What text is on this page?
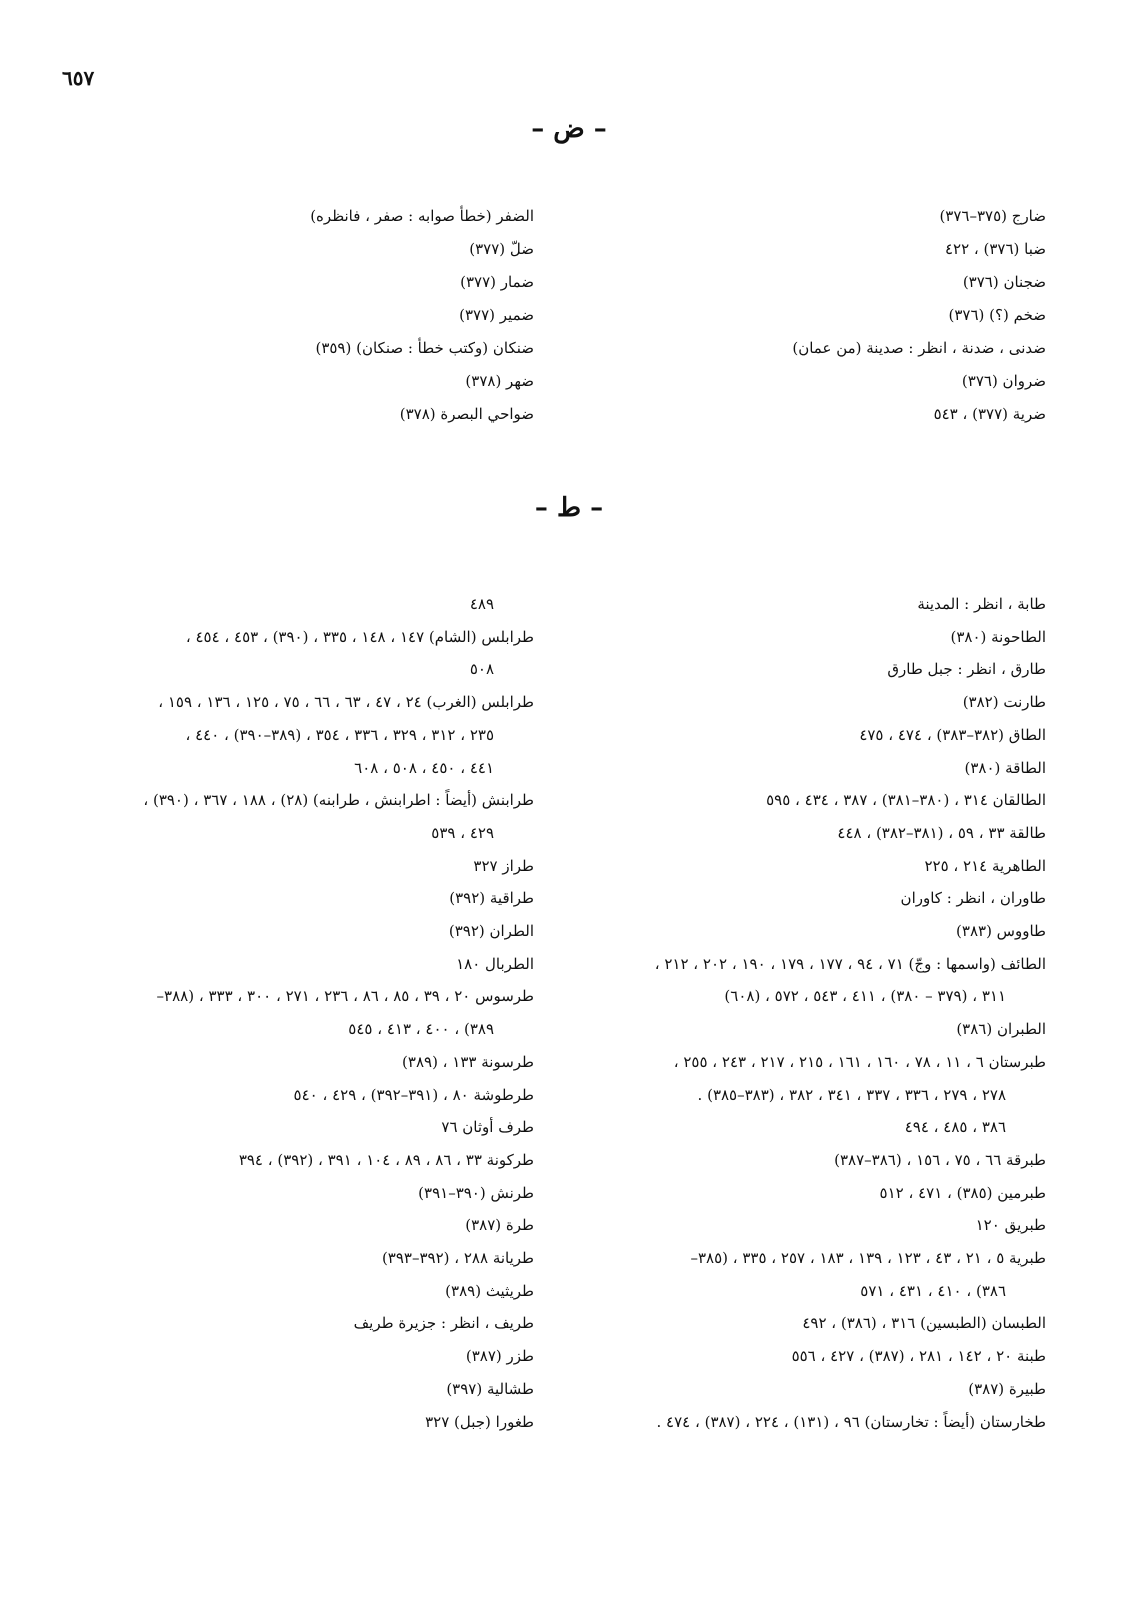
٦٥٧
– ض –
ضارج (٣٧٥–٣٧٦)
ضبا (٣٧٦) ، ٤٢٢
ضجنان (٣٧٦)
ضخم (؟) (٣٧٦)
ضدنى ، ضدنة ، انظر : صدينة (من عمان)
ضروان (٣٧٦)
ضرية (٣٧٧) ، ٥٤٣
الضفر (خطأ صوابه : صفر ، فانظره)
ضلّ (٣٧٧)
ضمار (٣٧٧)
ضمير (٣٧٧)
ضنكان (وكتب خطأ : صنكان) (٣٥٩)
ضهر (٣٧٨)
ضواحي البصرة (٣٧٨)
– ط –
طابة ، انظر : المدينة
الطاحونة (٣٨٠)
طارق ، انظر : جبل طارق
طارنت (٣٨٢)
الطاق (٣٨٢–٣٨٣) ، ٤٧٤ ، ٤٧٥
الطاقة (٣٨٠)
الطالقان ٣١٤ ، (٣٨٠–٣٨١) ، ٣٨٧ ، ٤٣٤ ، ٥٩٥
طالقة ٣٣ ، ٥٩ ، (٣٨١–٣٨٢) ، ٤٤٨
الطاهرية ٢١٤ ، ٢٢٥
طاوران ، انظر : كاوران
طاووس (٣٨٣)
الطائف (واسمها : وجّ) ٧١ ، ٩٤ ، ١٧٧ ، ١٧٩ ، ١٩٠ ، ٢٠٢ ، ٢١٢ ،
٣١١ ، (٣٧٩ – ٣٨٠) ، ٤١١ ، ٥٤٣ ، ٥٧٢ ، (٦٠٨)
الطبران (٣٨٦)
طبرستان ٦ ، ١١ ، ٧٨ ، ١٦٠ ، ١٦١ ، ٢١٥ ، ٢١٧ ، ٢٤٣ ، ٢٥٥ ،
٢٧٨ ، ٢٧٩ ، ٣٣٦ ، ٣٣٧ ، ٣٤١ ، ٣٨٢ ، (٣٨٣–٣٨٥) .
٣٨٦ ، ٤٨٥ ، ٤٩٤
طبرقة ٦٦ ، ٧٥ ، ١٥٦ ، (٣٨٦–٣٨٧)
طبرمين (٣٨٥) ، ٤٧١ ، ٥١٢
طبريق ١٢٠
طبرية ٥ ، ٢١ ، ٤٣ ، ١٢٣ ، ١٣٩ ، ١٨٣ ، ٢٥٧ ، ٣٣٥ ، (٣٨٥–
٣٨٦) ، ٤١٠ ، ٤٣١ ، ٥٧١
الطبسان (الطبسين) ٣١٦ ، (٣٨٦) ، ٤٩٢
طبنة ٢٠ ، ١٤٢ ، ٢٨١ ، (٣٨٧) ، ٤٢٧ ، ٥٥٦
طبيرة (٣٨٧)
طخارستان (أيضاً : تخارستان) ٩٦ ، (١٣١) ، ٢٢٤ ، (٣٨٧) ، ٤٧٤ .
٤٨٩
طرابلس (الشام) ١٤٧ ، ١٤٨ ، ٣٣٥ ، (٣٩٠) ، ٤٥٣ ، ٤٥٤ ،
٥٠٨
طرابلس (الغرب) ٢٤ ، ٤٧ ، ٦٣ ، ٦٦ ، ٧٥ ، ١٢٥ ، ١٣٦ ، ١٥٩ ،
٢٣٥ ، ٣١٢ ، ٣٢٩ ، ٣٣٦ ، ٣٥٤ ، (٣٨٩–٣٩٠) ، ٤٤٠ ،
٤٤١ ، ٤٥٠ ، ٥٠٨ ، ٦٠٨
طرابنش (أيضاً : اطرابنش ، طرابنه) (٢٨) ، ١٨٨ ، ٣٦٧ ، (٣٩٠) ،
٤٢٩ ، ٥٣٩
طراز ٣٢٧
طراقية (٣٩٢)
الطران (٣٩٢)
الطربال ١٨٠
طرسوس ٢٠ ، ٣٩ ، ٨٥ ، ٨٦ ، ٢٣٦ ، ٢٧١ ، ٣٠٠ ، ٣٣٣ ، (٣٨٨–
٣٨٩) ، ٤٠٠ ، ٤١٣ ، ٥٤٥
طرسونة ١٣٣ ، (٣٨٩)
طرطوشة ٨٠ ، (٣٩١–٣٩٢) ، ٤٢٩ ، ٥٤٠
طرف أوثان ٧٦
طركونة ٣٣ ، ٨٦ ، ٨٩ ، ١٠٤ ، ٣٩١ ، (٣٩٢) ، ٣٩٤
طرنش (٣٩٠–٣٩١)
طرة (٣٨٧)
طريانة ٢٨٨ ، (٣٩٢–٣٩٣)
طريثيث (٣٨٩)
طريف ، انظر : جزيرة طريف
طزر (٣٨٧)
طشالية (٣٩٧)
طغورا (جبل) ٣٢٧
